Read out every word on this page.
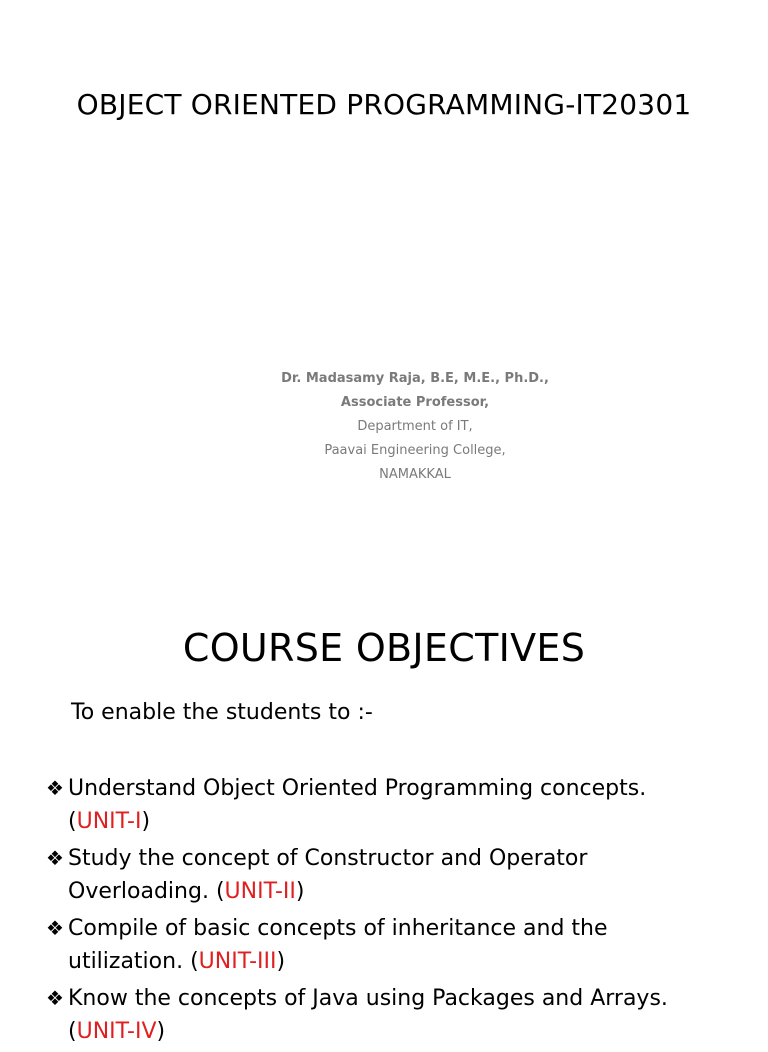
OBJECT ORIENTED PROGRAMMING-IT20301
Dr. Madasamy Raja, B.E, M.E., Ph.D.,
Associate Professor,
Department of IT,
Paavai Engineering College,
NAMAKKAL
COURSE OBJECTIVES
To enable the students to :-
❖ Understand Object Oriented Programming concepts.
(UNIT-I)
❖ Study the concept of Constructor and Operator
Overloading. (UNIT-II)
❖ Compile of basic concepts of inheritance and the
utilization. (UNIT-III)
❖ Know the concepts of Java using Packages and Arrays.
(UNIT-IV)
